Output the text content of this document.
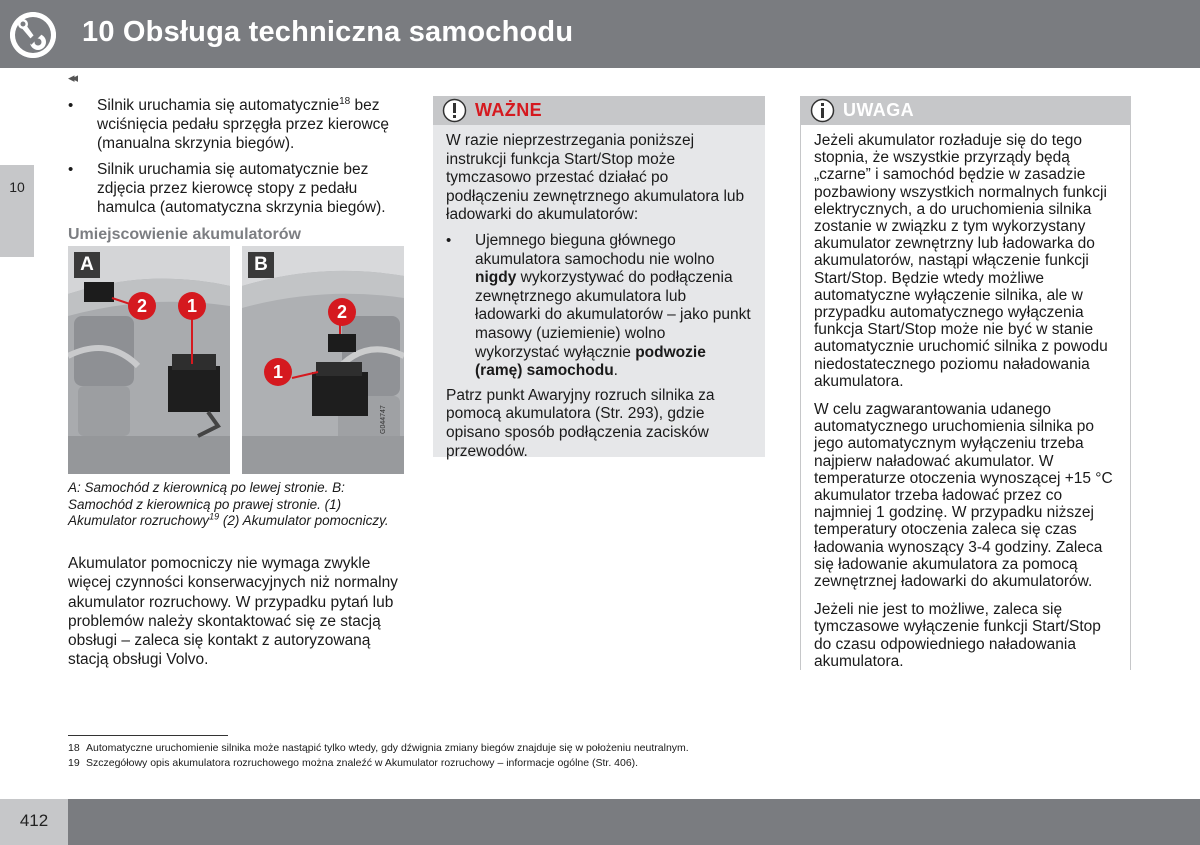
10 Obsługa techniczna samochodu
10
◂◂
• Silnik uruchamia się automatycznie$^{18}$ bez wciśnięcia pedału sprzęgła przez kierowcę (manualna skrzynia biegów).
• Silnik uruchamia się automatycznie bez zdjęcia przez kierowcę stopy z pedału hamulca (automatyczna skrzynia biegów).
Umiejscowienie akumulatorów
A
2	1
B
2
1
G044747
A: Samochód z kierownicą po lewej stronie. B: Samochód z kierownicą po prawej stronie. (1) Akumulator rozruchowy$^{19}$ (2) Akumulator pomocniczy.
Akumulator pomocniczy nie wymaga zwykle więcej czynności konserwacyjnych niż normalny akumulator rozruchowy. W przypadku pytań lub problemów należy skontaktować się ze stacją obsługi – zaleca się kontakt z autoryzowaną stacją obsługi Volvo.
WAŻNE

W razie nieprzestrzegania poniższej instrukcji funkcja Start/Stop może tymczasowo przestać działać po podłączeniu zewnętrznego akumulatora lub ładowarki do akumulatorów:

• Ujemnego bieguna głównego akumulatora samochodu nie wolno nigdy wykorzystywać do podłączenia zewnętrznego akumulatora lub ładowarki do akumulatorów – jako punkt masowy (uziemienie) wolno wykorzystać wyłącznie podwozie (ramę) samochodu.

Patrz punkt Awaryjny rozruch silnika za pomocą akumulatora (Str. 293), gdzie opisano sposób podłączenia zacisków przewodów.

UWAGA

Jeżeli akumulator rozładuje się do tego stopnia, że wszystkie przyrządy będą „czarne” i samochód będzie w zasadzie pozbawiony wszystkich normalnych funkcji elektrycznych, a do uruchomienia silnika zostanie w związku z tym wykorzystany akumulator zewnętrzny lub ładowarka do akumulatorów, nastąpi włączenie funkcji Start/Stop. Będzie wtedy możliwe automatyczne wyłączenie silnika, ale w przypadku automatycznego wyłączenia funkcja Start/Stop może nie być w stanie automatycznie uruchomić silnika z powodu niedostatecznego poziomu naładowania akumulatora.

W celu zagwarantowania udanego automatycznego uruchomienia silnika po jego automatycznym wyłączeniu trzeba najpierw naładować akumulator. W temperaturze otoczenia wynoszącej +15 °C akumulator trzeba ładować przez co najmniej 1 godzinę. W przypadku niższej temperatury otoczenia zaleca się czas ładowania wynoszący 3-4 godziny. Zaleca się ładowanie akumulatora za pomocą zewnętrznej ładowarki do akumulatorów.

Jeżeli nie jest to możliwe, zaleca się tymczasowe wyłączenie funkcji Start/Stop do czasu odpowiedniego naładowania akumulatora.

18 Automatyczne uruchomienie silnika może nastąpić tylko wtedy, gdy dźwignia zmiany biegów znajduje się w położeniu neutralnym.
19 Szczegółowy opis akumulatora rozruchowego można znaleźć w Akumulator rozruchowy – informacje ogólne (Str. 406).
412
